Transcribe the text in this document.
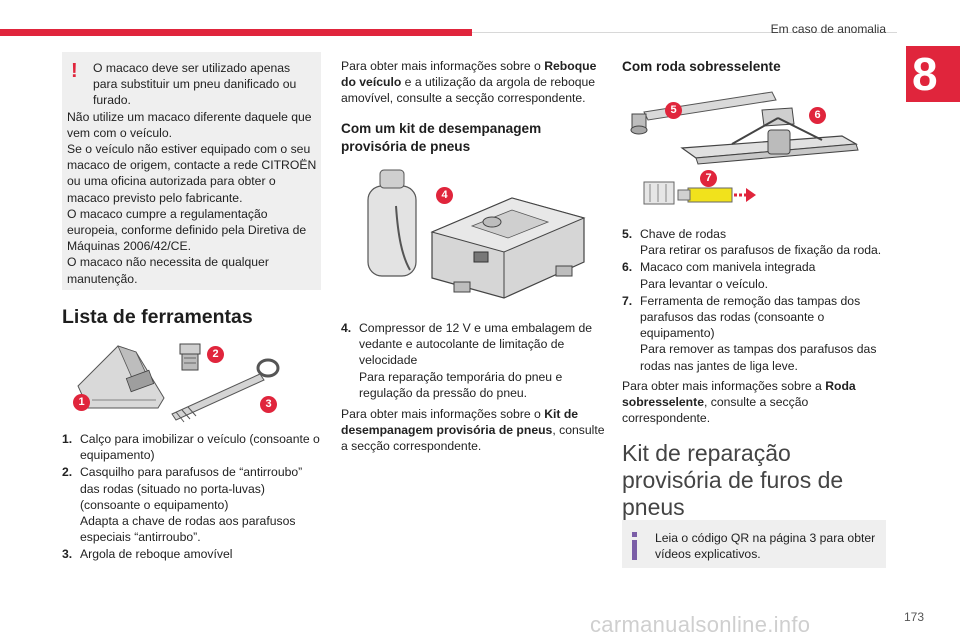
Em caso de anomalia
8
!	O macaco deve ser utilizado apenas para substituir um pneu danificado ou furado.

Não utilize um macaco diferente daquele que vem com o veículo.

Se o veículo não estiver equipado com o seu macaco de origem, contacte a rede CITROËN ou uma oficina autorizada para obter o macaco previsto pelo fabricante.

O macaco cumpre a regulamentação europeia, conforme definido pela Diretiva de Máquinas 2006/42/CE.

O macaco não necessita de qualquer manutenção.

Lista de ferramentas
1
2
3
1. Calço para imobilizar o veículo (consoante o equipamento)
2. Casquilho para parafusos de “antirroubo” das rodas (situado no porta-luvas) (consoante o equipamento)
Adapta a chave de rodas aos parafusos especiais “antirroubo”.
3. Argola de reboque amovível

Para obter mais informações sobre o Reboque do veículo e a utilização da argola de reboque amovível, consulte a secção correspondente.

Com um kit de desempanagem provisória de pneus
4
4. Compressor de 12 V e uma embalagem de vedante e autocolante de limitação de velocidade
Para reparação temporária do pneu e regulação da pressão do pneu.

Para obter mais informações sobre o Kit de desempanagem provisória de pneus, consulte a secção correspondente.

Com roda sobresselente
5	6
7
5. Chave de rodas
Para retirar os parafusos de fixação da roda.
6. Macaco com manivela integrada
Para levantar o veículo.
7. Ferramenta de remoção das tampas dos parafusos das rodas (consoante o equipamento)
Para remover as tampas dos parafusos das rodas nas jantes de liga leve.

Para obter mais informações sobre a Roda sobresselente, consulte a secção correspondente.

Kit de reparação provisória de furos de pneus
Leia o código QR na página 3 para obter vídeos explicativos.
carmanualsonline.info	173
